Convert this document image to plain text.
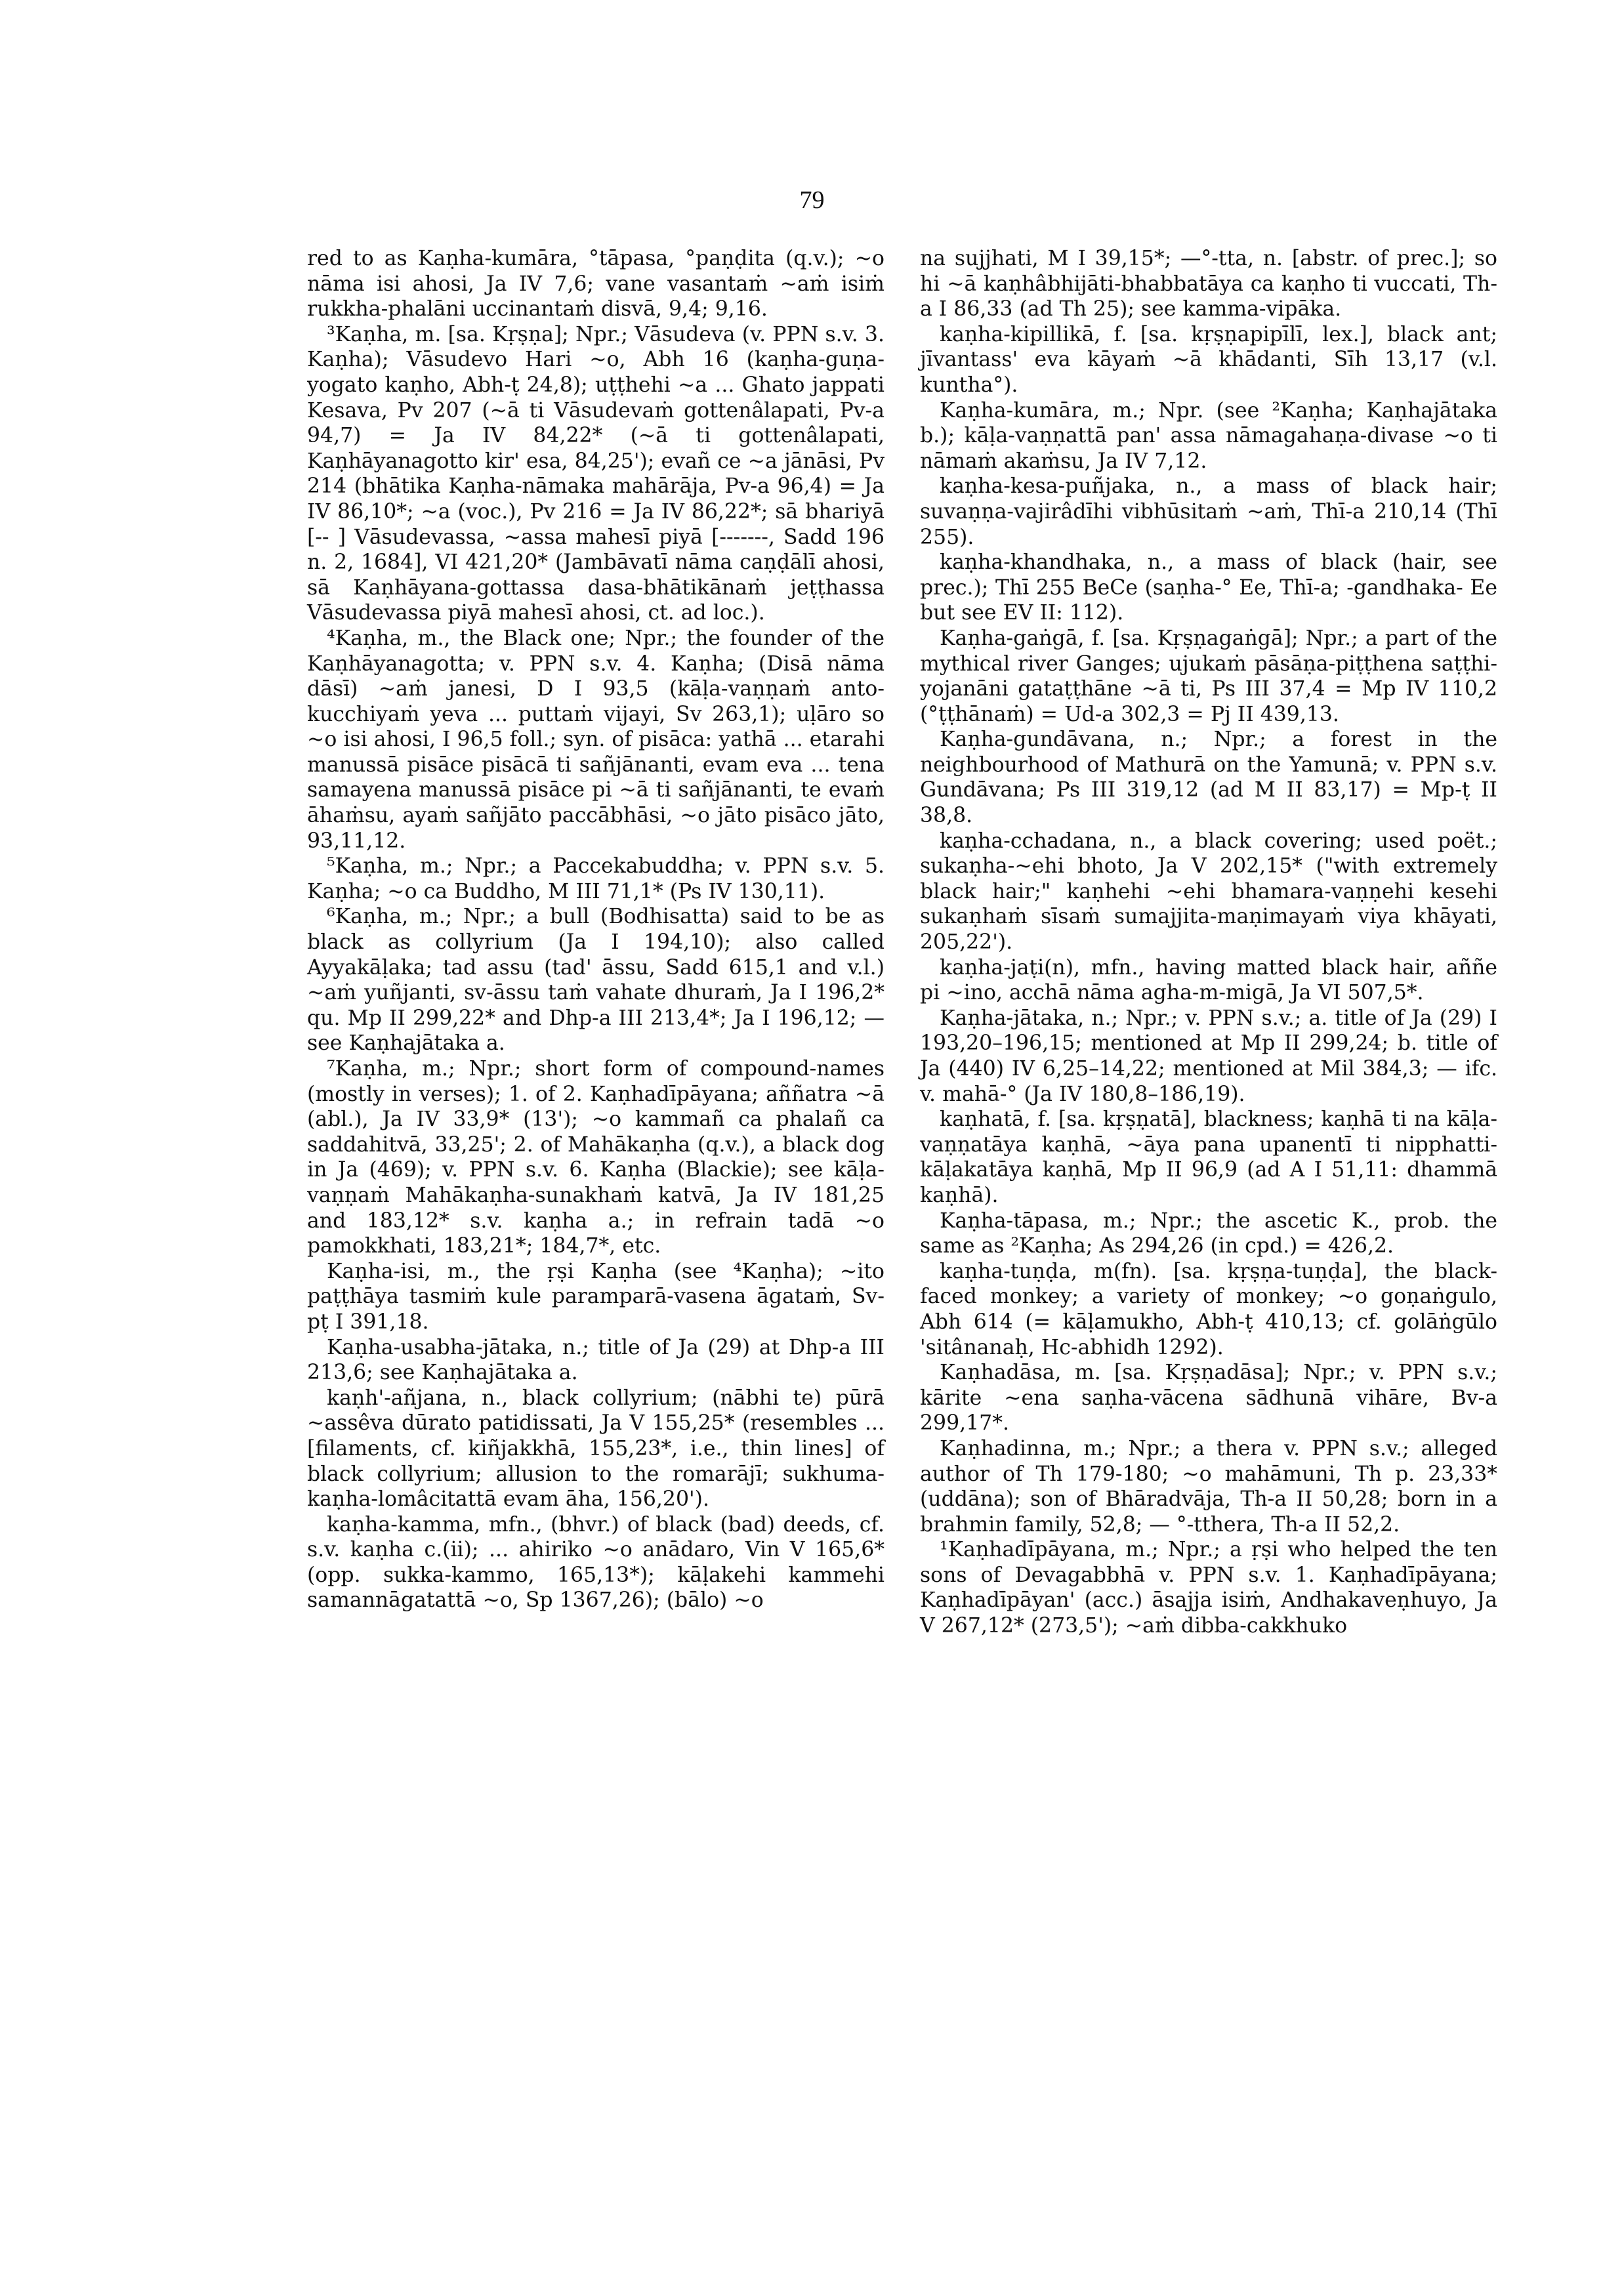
79

red to as Kaṇha-kumāra, °tāpasa, °paṇḍita (q.v.); ~o nāma isi ahosi, Ja IV 7,6; vane vasantaṁ ~aṁ isiṁ rukkha-phalāni uccinantaṁ disvā, 9,4; 9,16.

³Kaṇha, m. [sa. Kṛṣṇa]; Npr.; Vāsudeva (v. PPN s.v. 3. Kaṇha); Vāsudevo Hari ~o, Abh 16 (kaṇha-guṇa-yogato kaṇho, Abh-ṭ 24,8); uṭṭhehi ~a ... Ghato jappati Kesava, Pv 207 (~ā ti Vāsudevaṁ gottenâlapati, Pv-a 94,7) = Ja IV 84,22* (~ā ti gottenâlapati, Kaṇhāyanagotto kir' esa, 84,25'); evañ ce ~a jānāsi, Pv 214 (bhātika Kaṇha-nāmaka mahārāja, Pv-a 96,4) = Ja IV 86,10*; ~a (voc.), Pv 216 = Ja IV 86,22*; sā bhariyā [-- ] Vāsudevassa, ~assa mahesī piyā [-------, Sadd 196 n. 2, 1684], VI 421,20* (Jambāvatī nāma caṇḍālī ahosi, sā Kaṇhāyana-gottassa dasa-bhātikānaṁ jeṭṭhassa Vāsudevassa piyā mahesī ahosi, ct. ad loc.).

⁴Kaṇha, m., the Black one; Npr.; the founder of the Kaṇhāyanagotta; v. PPN s.v. 4. Kaṇha; (Disā nāma dāsī) ~aṁ janesi, D I 93,5 (kāḷa-vaṇṇaṁ anto-kucchiyaṁ yeva ... puttaṁ vijayi, Sv 263,1); uḷāro so ~o isi ahosi, I 96,5 foll.; syn. of pisāca: yathā ... etarahi manussā pisāce pisācā ti sañjānanti, evam eva ... tena samayena manussā pisāce pi ~ā ti sañjānanti, te evaṁ āhaṁsu, ayaṁ sañjāto paccābhāsi, ~o jāto pisāco jāto, 93,11,12.

⁵Kaṇha, m.; Npr.; a Paccekabuddha; v. PPN s.v. 5. Kaṇha; ~o ca Buddho, M III 71,1* (Ps IV 130,11).

⁶Kaṇha, m.; Npr.; a bull (Bodhisatta) said to be as black as collyrium (Ja I 194,10); also called Ayyakāḷaka; tad assu (tad' āssu, Sadd 615,1 and v.l.) ~aṁ yuñjanti, sv-āssu taṁ vahate dhuraṁ, Ja I 196,2* qu. Mp II 299,22* and Dhp-a III 213,4*; Ja I 196,12; — see Kaṇhajātaka a.

⁷Kaṇha, m.; Npr.; short form of compound-names (mostly in verses); 1. of 2. Kaṇhadīpāyana; aññatra ~ā (abl.), Ja IV 33,9* (13'); ~o kammañ ca phalañ ca saddahitvā, 33,25'; 2. of Mahākaṇha (q.v.), a black dog in Ja (469); v. PPN s.v. 6. Kaṇha (Blackie); see kāḷa-vaṇṇaṁ Mahākaṇha-sunakhaṁ katvā, Ja IV 181,25 and 183,12* s.v. kaṇha a.; in refrain tadā ~o pamokkhati, 183,21*; 184,7*, etc.

Kaṇha-isi, m., the ṛṣi Kaṇha (see ⁴Kaṇha); ~ito paṭṭhāya tasmiṁ kule paramparā-vasena āgataṁ, Sv-pṭ I 391,18.

Kaṇha-usabha-jātaka, n.; title of Ja (29) at Dhp-a III 213,6; see Kaṇhajātaka a.

kaṇh'-añjana, n., black collyrium; (nābhi te) pūrā ~assêva dūrato patidissati, Ja V 155,25* (resembles ... [filaments, cf. kiñjakkhā, 155,23*, i.e., thin lines] of black collyrium; allusion to the romarājī; sukhuma-kaṇha-lomâcitattā evam āha, 156,20').

kaṇha-kamma, mfn., (bhvr.) of black (bad) deeds, cf. s.v. kaṇha c.(ii); ... ahiriko ~o anādaro, Vin V 165,6* (opp. sukka-kammo, 165,13*); kāḷakehi kammehi samannāgatattā ~o, Sp 1367,26); (bālo) ~o

na sujjhati, M I 39,15*; —°-tta, n. [abstr. of prec.]; so hi ~ā kaṇhâbhijāti-bhabbatāya ca kaṇho ti vuccati, Th-a I 86,33 (ad Th 25); see kamma-vipāka.

kaṇha-kipillikā, f. [sa. kṛṣṇapipīlī, lex.], black ant; jīvantass' eva kāyaṁ ~ā khādanti, Sīh 13,17 (v.l. kuntha°).

Kaṇha-kumāra, m.; Npr. (see ²Kaṇha; Kaṇhajātaka b.); kāḷa-vaṇṇattā pan' assa nāmagahaṇa-divase ~o ti nāmaṁ akaṁsu, Ja IV 7,12.

kaṇha-kesa-puñjaka, n., a mass of black hair; suvaṇṇa-vajirâdīhi vibhūsitaṁ ~aṁ, Thī-a 210,14 (Thī 255).

kaṇha-khandhaka, n., a mass of black (hair, see prec.); Thī 255 BeCe (saṇha-° Ee, Thī-a; -gandhaka- Ee but see EV II: 112).

Kaṇha-gaṅgā, f. [sa. Kṛṣṇagaṅgā]; Npr.; a part of the mythical river Ganges; ujukaṁ pāsāṇa-piṭṭhena saṭṭhi-yojanāni gataṭṭhāne ~ā ti, Ps III 37,4 = Mp IV 110,2 (°ṭṭhānaṁ) = Ud-a 302,3 = Pj II 439,13.

Kaṇha-gundāvana, n.; Npr.; a forest in the neighbourhood of Mathurā on the Yamunā; v. PPN s.v. Gundāvana; Ps III 319,12 (ad M II 83,17) = Mp-ṭ II 38,8.

kaṇha-cchadana, n., a black covering; used poët.; sukaṇha-~ehi bhoto, Ja V 202,15* ("with extremely black hair;" kaṇhehi ~ehi bhamara-vaṇṇehi kesehi sukaṇhaṁ sīsaṁ sumajjita-maṇimayaṁ viya khāyati, 205,22').

kaṇha-jaṭi(n), mfn., having matted black hair, aññe pi ~ino, acchā nāma agha-m-migā, Ja VI 507,5*.

Kaṇha-jātaka, n.; Npr.; v. PPN s.v.; a. title of Ja (29) I 193,20–196,15; mentioned at Mp II 299,24; b. title of Ja (440) IV 6,25–14,22; mentioned at Mil 384,3; — ifc. v. mahā-° (Ja IV 180,8–186,19).

kaṇhatā, f. [sa. kṛṣṇatā], blackness; kaṇhā ti na kāḷa-vaṇṇatāya kaṇhā, ~āya pana upanentī ti nipphatti-kāḷakatāya kaṇhā, Mp II 96,9 (ad A I 51,11: dhammā kaṇhā).

Kaṇha-tāpasa, m.; Npr.; the ascetic K., prob. the same as ²Kaṇha; As 294,26 (in cpd.) = 426,2.

kaṇha-tuṇḍa, m(fn). [sa. kṛṣṇa-tuṇḍa], the black-faced monkey; a variety of monkey; ~o goṇaṅgulo, Abh 614 (= kāḷamukho, Abh-ṭ 410,13; cf. golāṅgūlo 'sitânanaḥ, Hc-abhidh 1292).

Kaṇhadāsa, m. [sa. Kṛṣṇadāsa]; Npr.; v. PPN s.v.; kārite ~ena saṇha-vācena sādhunā vihāre, Bv-a 299,17*.

Kaṇhadinna, m.; Npr.; a thera v. PPN s.v.; alleged author of Th 179-180; ~o mahāmuni, Th p. 23,33* (uddāna); son of Bhāradvāja, Th-a II 50,28; born in a brahmin family, 52,8; — °-tthera, Th-a II 52,2.

¹Kaṇhadīpāyana, m.; Npr.; a ṛṣi who helped the ten sons of Devagabbhā v. PPN s.v. 1. Kaṇhadīpāyana; Kaṇhadīpāyan' (acc.) āsajja isiṁ, Andhakaveṇhuyo, Ja V 267,12* (273,5'); ~aṁ dibba-cakkhuko
